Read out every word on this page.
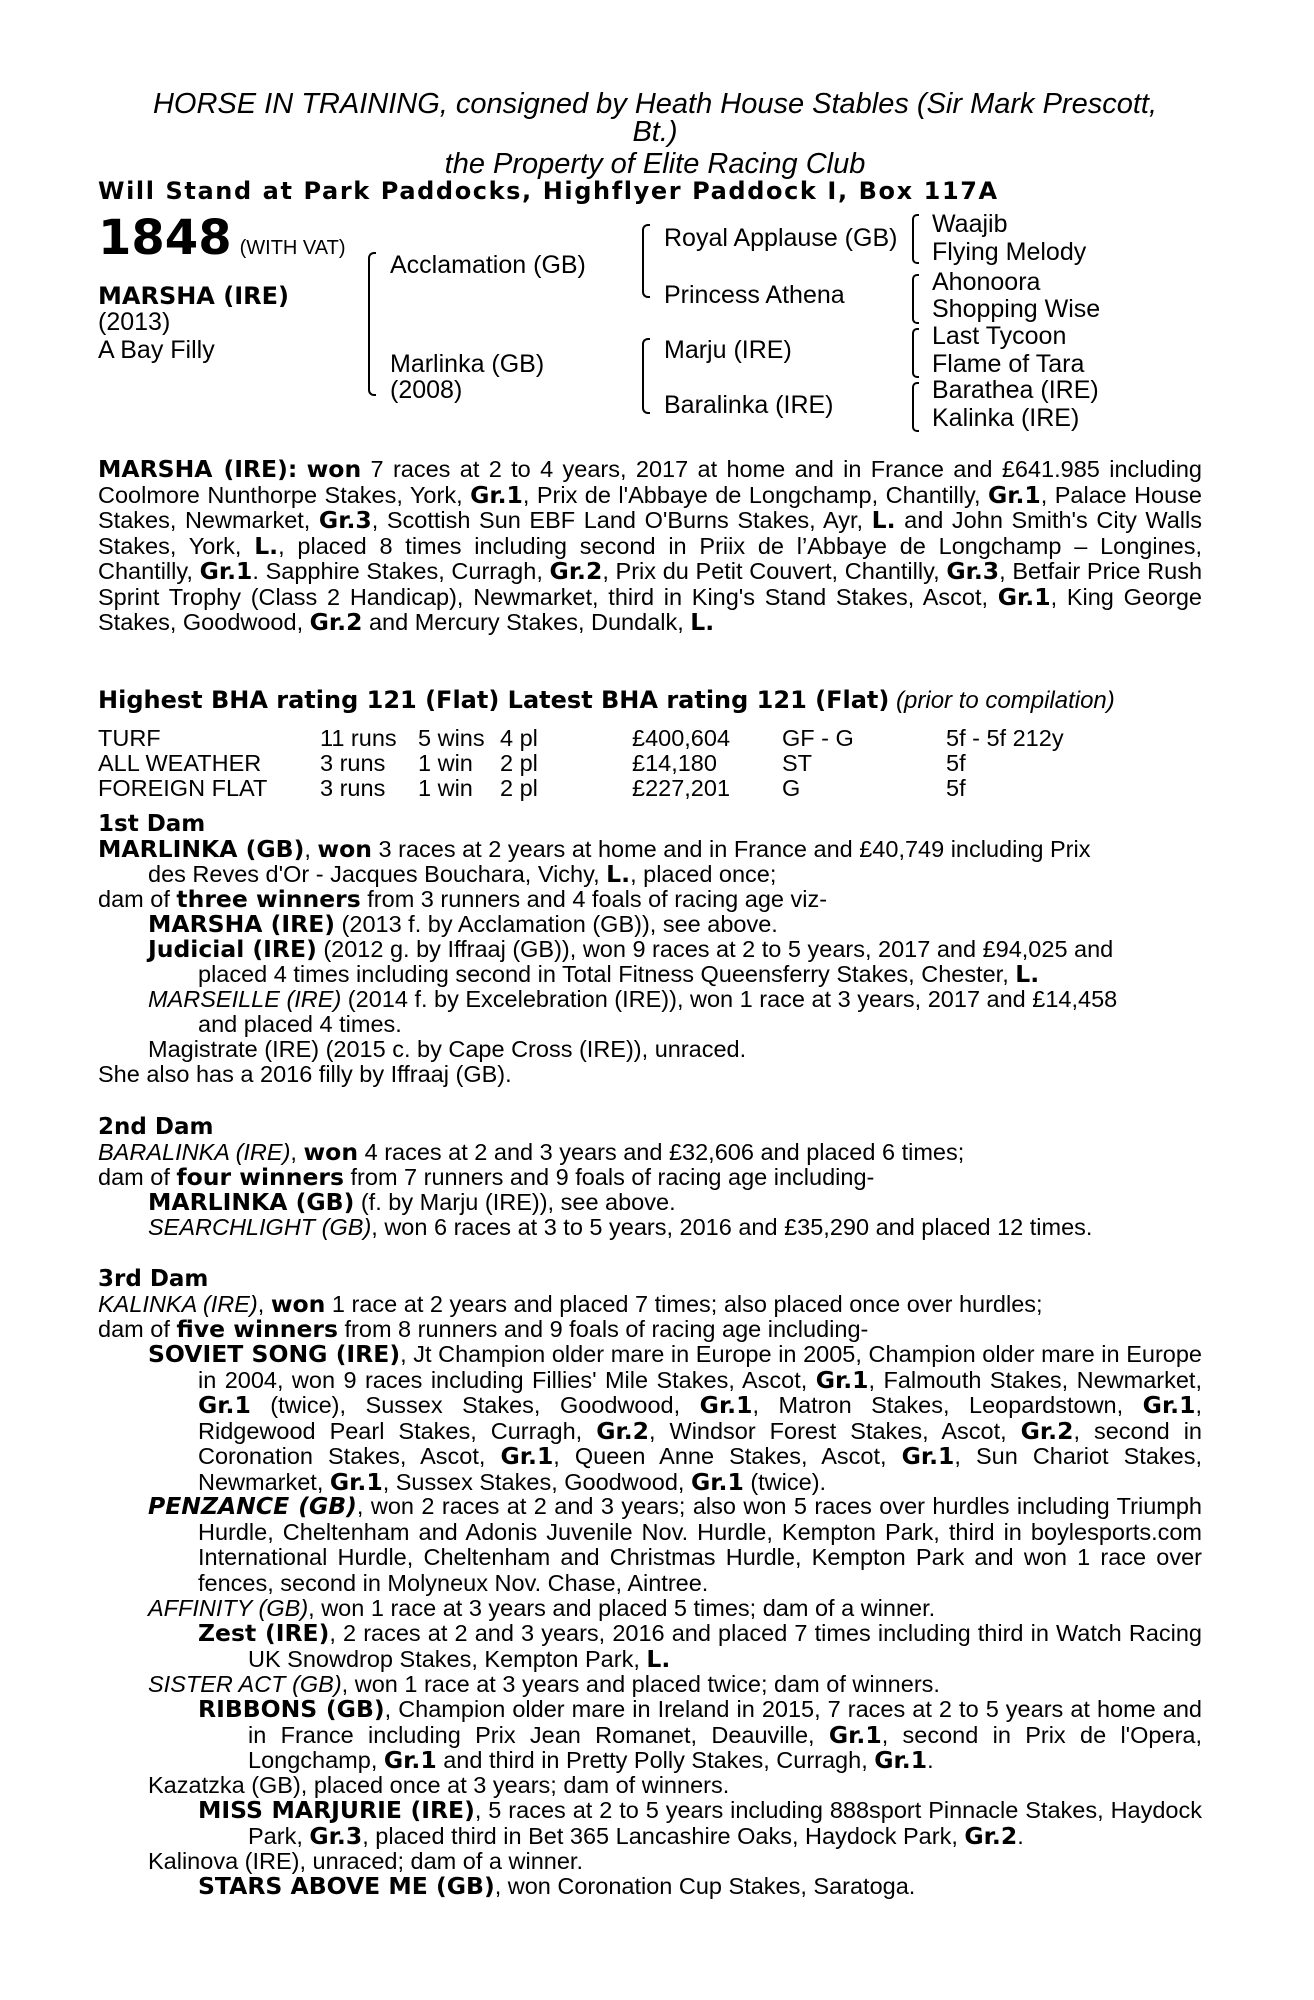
HORSE IN TRAINING, consigned by Heath House Stables (Sir Mark Prescott,
Bt.)
the Property of Elite Racing Club
Will Stand at Park Paddocks, Highflyer Paddock I, Box 117A
1848 (WITH VAT)
MARSHA (IRE)
(2013)
A Bay Filly
Acclamation (GB)
Marlinka (GB)
(2008)
Royal Applause (GB)
Princess Athena
Marju (IRE)
Baralinka (IRE)
Waajib
Flying Melody
Ahonoora
Shopping Wise
Last Tycoon
Flame of Tara
Barathea (IRE)
Kalinka (IRE)
MARSHA (IRE): won 7 races at 2 to 4 years, 2017 at home and in France and £641.985 including Coolmore Nunthorpe Stakes, York, Gr.1, Prix de l'Abbaye de Longchamp, Chantilly, Gr.1, Palace House Stakes, Newmarket, Gr.3, Scottish Sun EBF Land O'Burns Stakes, Ayr, L. and John Smith's City Walls Stakes, York, L., placed 8 times including second in Priix de l’Abbaye de Longchamp – Longines, Chantilly, Gr.1. Sapphire Stakes, Curragh, Gr.2, Prix du Petit Couvert, Chantilly, Gr.3, Betfair Price Rush Sprint Trophy (Class 2 Handicap), Newmarket, third in King's Stand Stakes, Ascot, Gr.1, King George Stakes, Goodwood, Gr.2 and Mercury Stakes, Dundalk, L.
Highest BHA rating 121 (Flat) Latest BHA rating 121 (Flat) (prior to compilation)
TURF	11 runs 5 wins 4 pl	£400,604 GF - G	5f - 5f 212y
ALL WEATHER	3 runs 1 win 2 pl	£14,180	ST	5f
FOREIGN FLAT 3 runs 1 win 2 pl	£227,201 G	5f
1st Dam
MARLINKA (GB), won 3 races at 2 years at home and in France and £40,749 including Prix
des Reves d'Or - Jacques Bouchara, Vichy, L., placed once;
dam of three winners from 3 runners and 4 foals of racing age viz-
MARSHA (IRE) (2013 f. by Acclamation (GB)), see above.
Judicial (IRE) (2012 g. by Iffraaj (GB)), won 9 races at 2 to 5 years, 2017 and £94,025 and
placed 4 times including second in Total Fitness Queensferry Stakes, Chester, L.
MARSEILLE (IRE) (2014 f. by Excelebration (IRE)), won 1 race at 3 years, 2017 and £14,458
and placed 4 times.
Magistrate (IRE) (2015 c. by Cape Cross (IRE)), unraced.
She also has a 2016 filly by Iffraaj (GB).
2nd Dam
BARALINKA (IRE), won 4 races at 2 and 3 years and £32,606 and placed 6 times;
dam of four winners from 7 runners and 9 foals of racing age including-
MARLINKA (GB) (f. by Marju (IRE)), see above.
SEARCHLIGHT (GB), won 6 races at 3 to 5 years, 2016 and £35,290 and placed 12 times.
3rd Dam
KALINKA (IRE), won 1 race at 2 years and placed 7 times; also placed once over hurdles;
dam of five winners from 8 runners and 9 foals of racing age including-
SOVIET SONG (IRE), Jt Champion older mare in Europe in 2005, Champion older mare in Europe in 2004, won 9 races including Fillies' Mile Stakes, Ascot, Gr.1, Falmouth Stakes, Newmarket, Gr.1 (twice), Sussex Stakes, Goodwood, Gr.1, Matron Stakes, Leopardstown, Gr.1, Ridgewood Pearl Stakes, Curragh, Gr.2, Windsor Forest Stakes, Ascot, Gr.2, second in Coronation Stakes, Ascot, Gr.1, Queen Anne Stakes, Ascot, Gr.1, Sun Chariot Stakes, Newmarket, Gr.1, Sussex Stakes, Goodwood, Gr.1 (twice).
PENZANCE (GB), won 2 races at 2 and 3 years; also won 5 races over hurdles including Triumph Hurdle, Cheltenham and Adonis Juvenile Nov. Hurdle, Kempton Park, third in boylesports.com International Hurdle, Cheltenham and Christmas Hurdle, Kempton Park and won 1 race over fences, second in Molyneux Nov. Chase, Aintree.
AFFINITY (GB), won 1 race at 3 years and placed 5 times; dam of a winner.
Zest (IRE), 2 races at 2 and 3 years, 2016 and placed 7 times including third in Watch Racing UK Snowdrop Stakes, Kempton Park, L.
SISTER ACT (GB), won 1 race at 3 years and placed twice; dam of winners.
RIBBONS (GB), Champion older mare in Ireland in 2015, 7 races at 2 to 5 years at home and in France including Prix Jean Romanet, Deauville, Gr.1, second in Prix de l'Opera, Longchamp, Gr.1 and third in Pretty Polly Stakes, Curragh, Gr.1.
Kazatzka (GB), placed once at 3 years; dam of winners.
MISS MARJURIE (IRE), 5 races at 2 to 5 years including 888sport Pinnacle Stakes, Haydock Park, Gr.3, placed third in Bet 365 Lancashire Oaks, Haydock Park, Gr.2.
Kalinova (IRE), unraced; dam of a winner.
STARS ABOVE ME (GB), won Coronation Cup Stakes, Saratoga.
